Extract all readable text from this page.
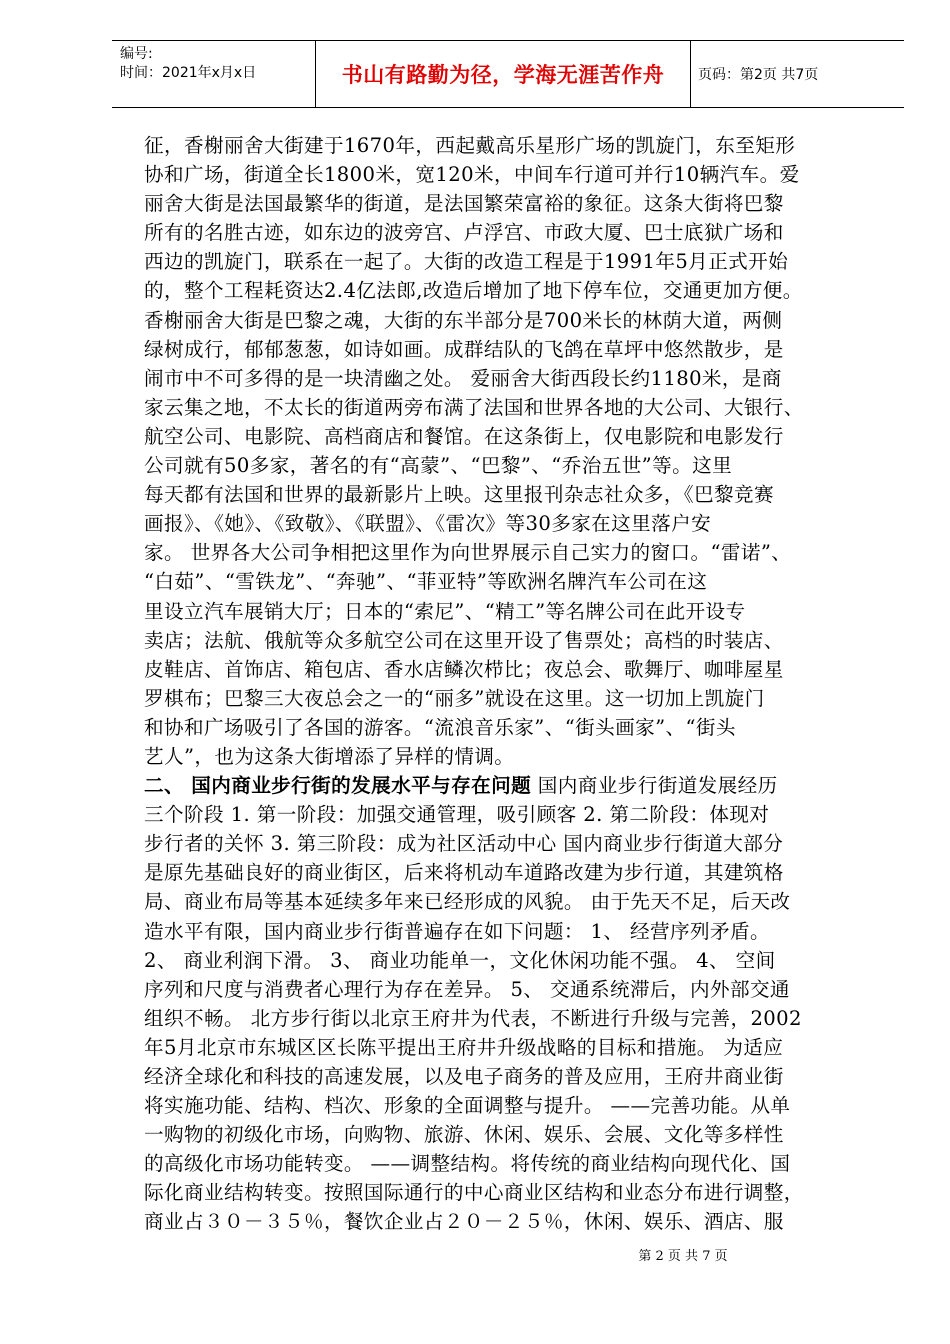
编号:
时间：2021年x月x日	书山有路勤为径，学海无涯苦作舟	页码：第2页 共7页
征，香榭丽舍大街建于1670年，西起戴高乐星形广场的凯旋门，东至矩形
协和广场，街道全长1800米，宽120米，中间车行道可并行10辆汽车。爱
丽舍大街是法国最繁华的街道，是法国繁荣富裕的象征。这条大街将巴黎
所有的名胜古迹，如东边的波旁宫、卢浮宫、市政大厦、巴士底狱广场和
西边的凯旋门，联系在一起了。大街的改造工程是于1991年5月正式开始
的，整个工程耗资达2.4亿法郎,改造后增加了地下停车位，交通更加方便。
香榭丽舍大街是巴黎之魂，大街的东半部分是700米长的林荫大道，两侧
绿树成行，郁郁葱葱，如诗如画。成群结队的飞鸽在草坪中悠然散步，是
闹市中不可多得的是一块清幽之处。 爱丽舍大街西段长约1180米，是商
家云集之地，不太长的街道两旁布满了法国和世界各地的大公司、大银行、
航空公司、电影院、高档商店和餐馆。在这条街上，仅电影院和电影发行
公司就有50多家，著名的有“高蒙”、“巴黎”、“乔治五世”等。这里
每天都有法国和世界的最新影片上映。这里报刊杂志社众多，《巴黎竞赛
画报》、《她》、《致敬》、《联盟》、《雷次》等30多家在这里落户安
家。 世界各大公司争相把这里作为向世界展示自己实力的窗口。“雷诺”、
“白茹”、“雪铁龙”、“奔驰”、“菲亚特”等欧洲名牌汽车公司在这
里设立汽车展销大厅；日本的“索尼”、“精工”等名牌公司在此开设专
卖店；法航、俄航等众多航空公司在这里开设了售票处；高档的时装店、
皮鞋店、首饰店、箱包店、香水店鳞次栉比；夜总会、歌舞厅、咖啡屋星
罗棋布；巴黎三大夜总会之一的“丽多”就设在这里。这一切加上凯旋门
和协和广场吸引了各国的游客。“流浪音乐家”、“街头画家”、“街头
艺人”，也为这条大街增添了异样的情调。
二、 国内商业步行街的发展水平与存在问题 国内商业步行街道发展经历
三个阶段 1. 第一阶段：加强交通管理，吸引顾客 2. 第二阶段：体现对
步行者的关怀 3. 第三阶段：成为社区活动中心 国内商业步行街道大部分
是原先基础良好的商业街区，后来将机动车道路改建为步行道，其建筑格
局、商业布局等基本延续多年来已经形成的风貌。 由于先天不足，后天改
造水平有限，国内商业步行街普遍存在如下问题： 1、 经营序列矛盾。
2、 商业利润下滑。 3、 商业功能单一，文化休闲功能不强。 4、 空间
序列和尺度与消费者心理行为存在差异。 5、 交通系统滞后，内外部交通
组织不畅。 北方步行街以北京王府井为代表，不断进行升级与完善，2002
年5月北京市东城区区长陈平提出王府井升级战略的目标和措施。 为适应
经济全球化和科技的高速发展，以及电子商务的普及应用，王府井商业街
将实施功能、结构、档次、形象的全面调整与提升。 ——完善功能。从单
一购物的初级化市场，向购物、旅游、休闲、娱乐、会展、文化等多样性
的高级化市场功能转变。 ——调整结构。将传统的商业结构向现代化、国
际化商业结构转变。按照国际通行的中心商业区结构和业态分布进行调整，
商业占３０－３５％，餐饮企业占２０－２５％，休闲、娱乐、酒店、服
第 2 页 共 7 页
